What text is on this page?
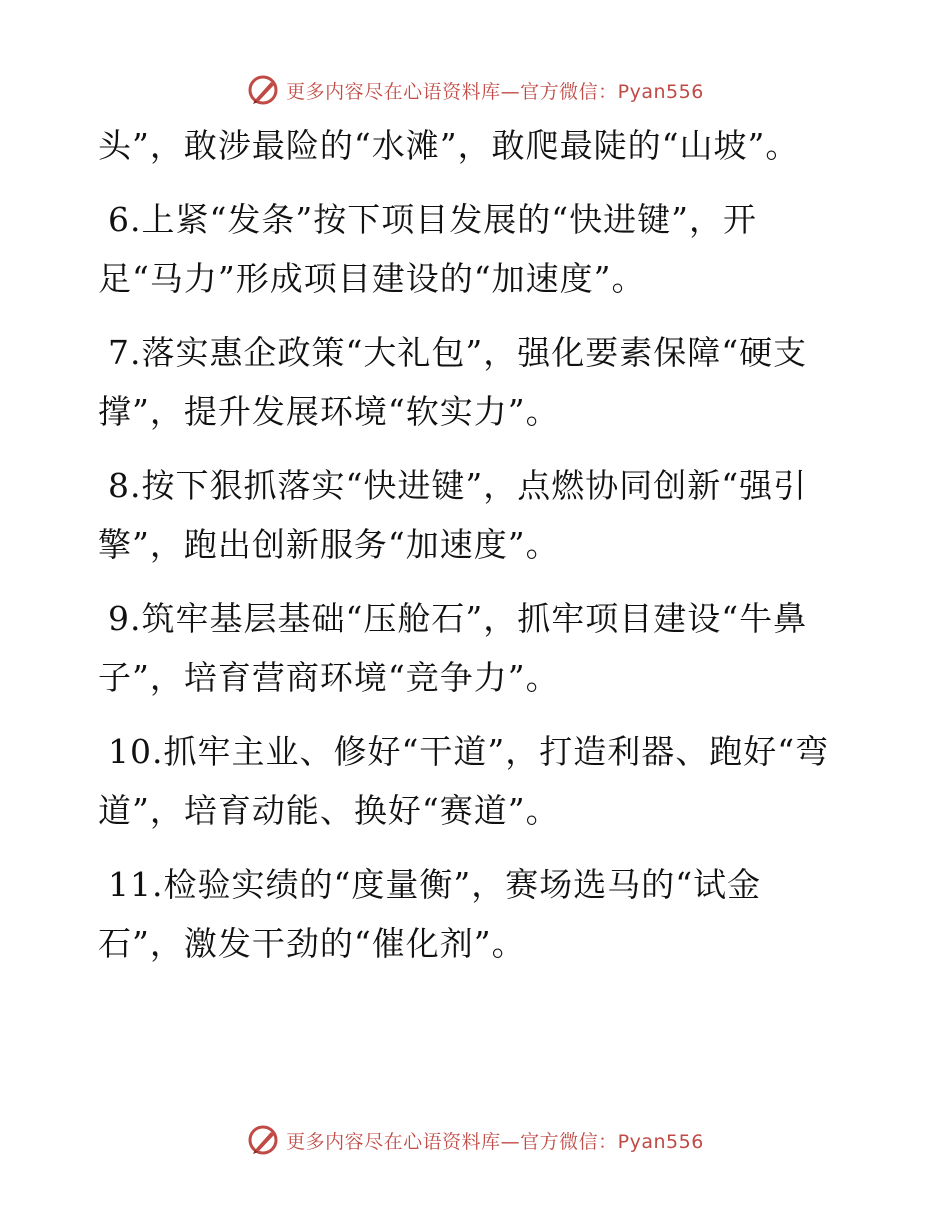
更多内容尽在心语资料库—官方微信：Pyan556

头”，敢涉最险的“水滩”，敢爬最陡的“山坡”。

6.上紧“发条”按下项目发展的“快进键”，开足“马力”形成项目建设的“加速度”。

7.落实惠企政策“大礼包”，强化要素保障“硬支撑”，提升发展环境“软实力”。

8.按下狠抓落实“快进键”，点燃协同创新“强引擎”，跑出创新服务“加速度”。

9.筑牢基层基础“压舱石”，抓牢项目建设“牛鼻子”，培育营商环境“竞争力”。

10.抓牢主业、修好“干道”，打造利器、跑好“弯道”，培育动能、换好“赛道”。

11.检验实绩的“度量衡”，赛场选马的“试金石”，激发干劲的“催化剂”。

更多内容尽在心语资料库—官方微信：Pyan556
